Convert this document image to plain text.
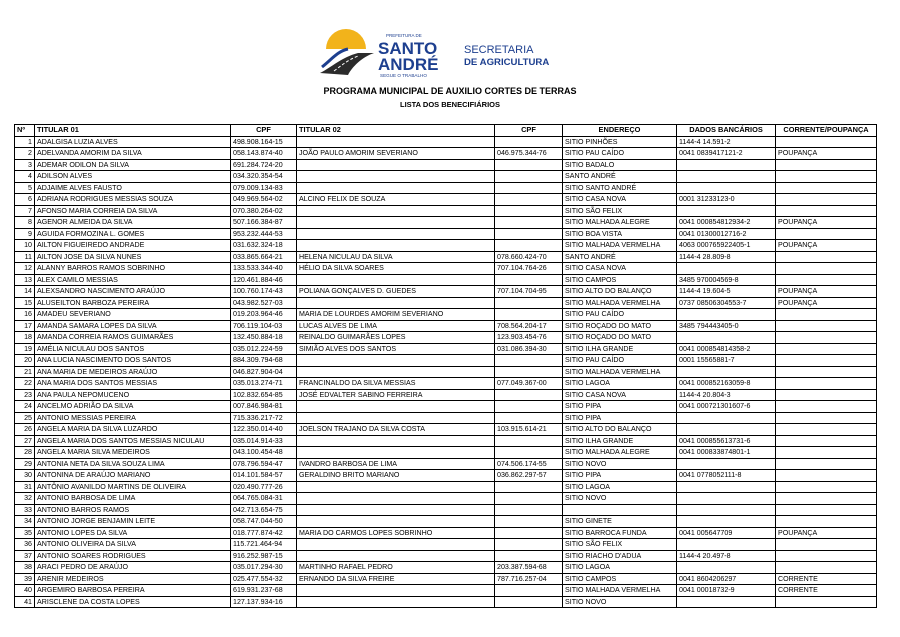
PREFEITURA DE
SANTO
ANDRÉ
SEGUE O TRABALHO
SECRETARIA
DE AGRICULTURA
PROGRAMA MUNICIPAL DE AUXILIO CORTES DE TERRAS
LISTA DOS BENECIFIÁRIOS
Nº	TITULAR 01	CPF	TITULAR 02	CPF	ENDEREÇO	DADOS BANCÁRIOS	CORRENTE/POUPANÇA
1	ADALGISA LUZIA ALVES	498.908.164-15			SITIO PINHÕES	1144-4 14.591-2	
2	ADELVANDA AMORIM DA SILVA	058.143.874-40	JOÃO PAULO AMORIM SEVERIANO	046.975.344-76	SITIO PAU CAÍDO	0041 0839417121-2	POUPANÇA
3	ADEMAR ODILON DA SILVA	691.284.724-20			SITIO BADALO		
4	ADILSON ALVES	034.320.354-54			SANTO ANDRÉ		
5	ADJAIME ALVES FAUSTO	079.009.134-83			SITIO SANTO ANDRÉ		
6	ADRIANA RODRIGUES MESSIAS SOUZA	049.969.564-02	ALCINO FELIX DE SOUZA		SITIO CASA NOVA	0001 31233123-0	
7	AFONSO MARIA CORREIA DA SILVA	070.380.264-02			SITIO SÃO FELIX		
8	AGENOR ALMEIDA DA SILVA	507.166.384-87			SITIO MALHADA ALEGRE	0041 000854812934-2	POUPANÇA
9	AGUIDA FORMOZINA L. GOMES	953.232.444-53			SITIO BOA VISTA	0041 01300012716-2	
10	AILTON FIGUEIREDO ANDRADE	031.632.324-18			SITIO MALHADA VERMELHA	4063 000765922405-1	POUPANÇA
11	AILTON JOSE DA SILVA NUNES	033.865.664-21	HELENA NICULAU DA SILVA	078.660.424-70	SANTO ANDRÉ	1144-4 28.809-8	
12	ALANNY BARROS RAMOS SOBRINHO	133.533.344-40	HÉLIO DA SILVA SOARES	707.104.764-26	SITIO CASA NOVA		
13	ALEX CAMILO MESSIAS	120.461.884-46			SITIO CAMPOS	3485 970004569-8	
14	ALEXSANDRO NASCIMENTO ARAÚJO	100.760.174-43	POLIANA GONÇALVES D. GUEDES	707.104.704-95	SITIO ALTO DO BALANÇO	1144-4 19.604-5	POUPANÇA
15	ALUSEILTON BARBOZA PEREIRA	043.982.527-03			SITIO MALHADA VERMELHA	0737 08506304553-7	POUPANÇA
16	AMADEU SEVERIANO	019.203.964-46	MARIA DE LOURDES AMORIM SEVERIANO		SITIO PAU CAÍDO		
17	AMANDA SAMARA LOPES DA SILVA	706.119.104-03	LUCAS ALVES DE LIMA	708.564.204-17	SITIO ROÇADO DO MATO	3485 794443405-0	
18	AMANDA CORREIA RAMOS GUIMARÃES	132.450.884-18	REINALDO GUIMARÃES LOPES	123.903.454-76	SITIO ROÇADO DO MATO		
19	AMÉLIA NICULAU DOS SANTOS	035.012.224-59	SIMIÃO ALVES DOS SANTOS	031.086.394-30	SITIO ILHA GRANDE	0041 000854814358-2	
20	ANA LUCIA NASCIMENTO DOS SANTOS	884.309.794-68			SITIO PAU CAÍDO	0001 15565881-7	
21	ANA MARIA DE MEDEIROS ARAÚJO	046.827.904-04			SITIO MALHADA VERMELHA		
22	ANA MARIA DOS SANTOS MESSIAS	035.013.274-71	FRANCINALDO DA SILVA MESSIAS	077.049.367-00	SITIO LAGOA	0041 000852163059-8	
23	ANA PAULA NEPOMUCENO	102.832.654-85	JOSÉ EDVALTER SABINO FERREIRA		SITIO CASA NOVA	1144-4 20.804-3	
24	ANCELMO ADRIÃO DA SILVA	007.846.984-81			SITIO PIPA	0041 000721301607-6	
25	ANTONIO MESSIAS PEREIRA	715.336.217-72			SITIO PIPA		
26	ANGELA MARIA DA SILVA LUZARDO	122.350.014-40	JOELSON TRAJANO DA SILVA COSTA	103.915.614-21	SITIO ALTO DO BALANÇO		
27	ANGELA MARIA DOS SANTOS MESSIAS NICULAU	035.014.914-33			SITIO ILHA GRANDE	0041 000855613731-6	
28	ANGELA MARIA SILVA MEDEIROS	043.100.454-48			SITIO MALHADA ALEGRE	0041 000833874801-1	
29	ANTONIA NETA DA SILVA SOUZA LIMA	078.796.594-47	IVANDRO BARBOSA DE LIMA	074.506.174-55	SITIO NOVO		
30	ANTONINA DE ARAÚJO MARIANO	014.101.584-57	GERALDINO BRITO MARIANO	036.862.297-57	SITIO PIPA	0041 0778052111-8	
31	ANTÔNIO AVANILDO MARTINS DE OLIVEIRA	020.490.777-26			SITIO LAGOA		
32	ANTONIO BARBOSA DE LIMA	064.765.084-31			SITIO NOVO		
33	ANTONIO BARROS RAMOS	042.713.654-75					
34	ANTONIO JORGE BENJAMIN LEITE	058.747.044-50			SITIO GINETE		
35	ANTONIO LOPES DA SILVA	018.777.874-42	MARIA DO CARMOS LOPES SOBRINHO		SITIO BARROCA FUNDA	0041 005647709	POUPANÇA
36	ANTONIO OLIVEIRA DA SILVA	115.721.464-94			SITIO SÃO FELIX		
37	ANTONIO SOARES RODRIGUES	916.252.987-15			SITIO RIACHO D'ADUA	1144-4 20.497-8	
38	ARACI PEDRO DE ARAÚJO	035.017.294-30	MARTINHO RAFAEL PEDRO	203.387.594-68	SITIO LAGOA		
39	ARENIR MEDEIROS	025.477.554-32	ERNANDO DA SILVA FREIRE	787.716.257-04	SITIO CAMPOS	0041 8604206297	CORRENTE
40	ARGEMIRO BARBOSA PEREIRA	619.931.237-68			SITIO MALHADA VERMELHA	0041 00018732-9	CORRENTE
41	ARISCLENE DA COSTA LOPES	127.137.934-16			SITIO NOVO		
